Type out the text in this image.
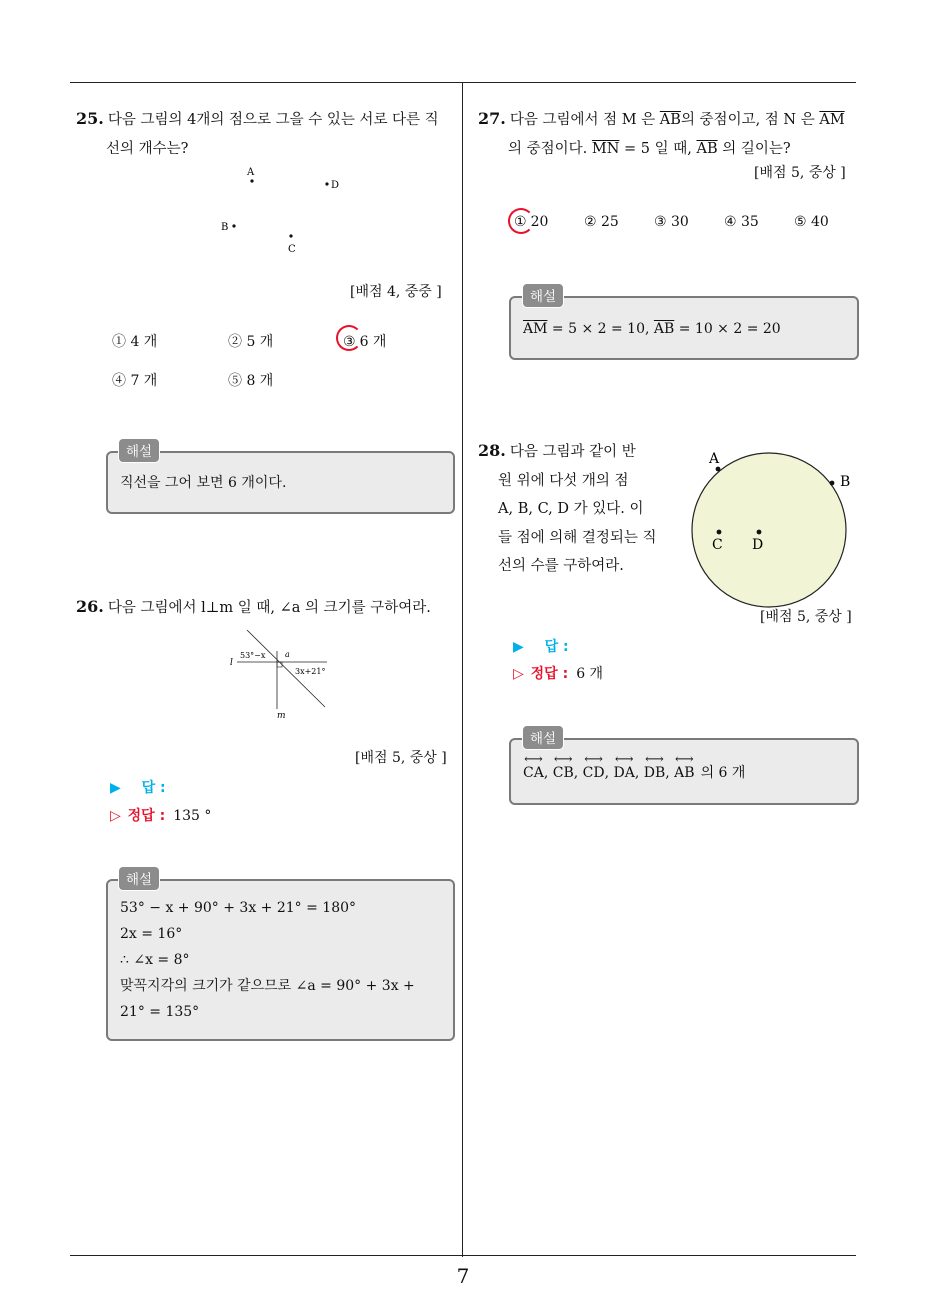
7
25. 다음 그림의 4개의 점으로 그을 수 있는 서로 다른 직
선의 개수는?
A
D
B
C
[배점 4, 중중 ]
① 4 개	② 5 개	③ 6 개
④ 7 개	⑤ 8 개
직선을 그어 보면 6 개이다.
해설
26. 다음 그림에서 l⊥m 일 때, ∠a 의 크기를 구하여라.
l
m
53°−x a
3x+21°
[배점 5, 중상 ]
▶ 답 :
▷ 정답 : 135 °
53° − x + 90° + 3x + 21° = 180°
2x = 16°
∴ ∠x = 8°
맞꼭지각의 크기가 같으므로 ∠a = 90° + 3x +
21° = 135°
해설
27. 다음 그림에서 점 M 은 $\overline{AB}$의 중점이고, 점 N 은 $\overline{AM}$
의 중점이다. $\overline{MN} = 5$ 일 때, $\overline{AB}$ 의 길이는?
[배점 5, 중상 ]
① 20	② 25	③ 30	④ 35	⑤ 40
$\overline{AM} = 5 \times 2 = 10$, $\overline{AB} = 10 \times 2 = 20$
해설
28. 다음 그림과 같이 반
원 위에 다섯 개의 점
A, B, C, D 가 있다. 이
들 점에 의해 결정되는 직
선의 수를 구하여라.
A
B
C D
[배점 5, 중상 ]
▶ 답 :
▷ 정답 : 6 개
⟷
CA,
⟷
CB,
⟷
CD,
⟷
DA,
⟷
DB,
⟷
AB 의 6 개
해설
